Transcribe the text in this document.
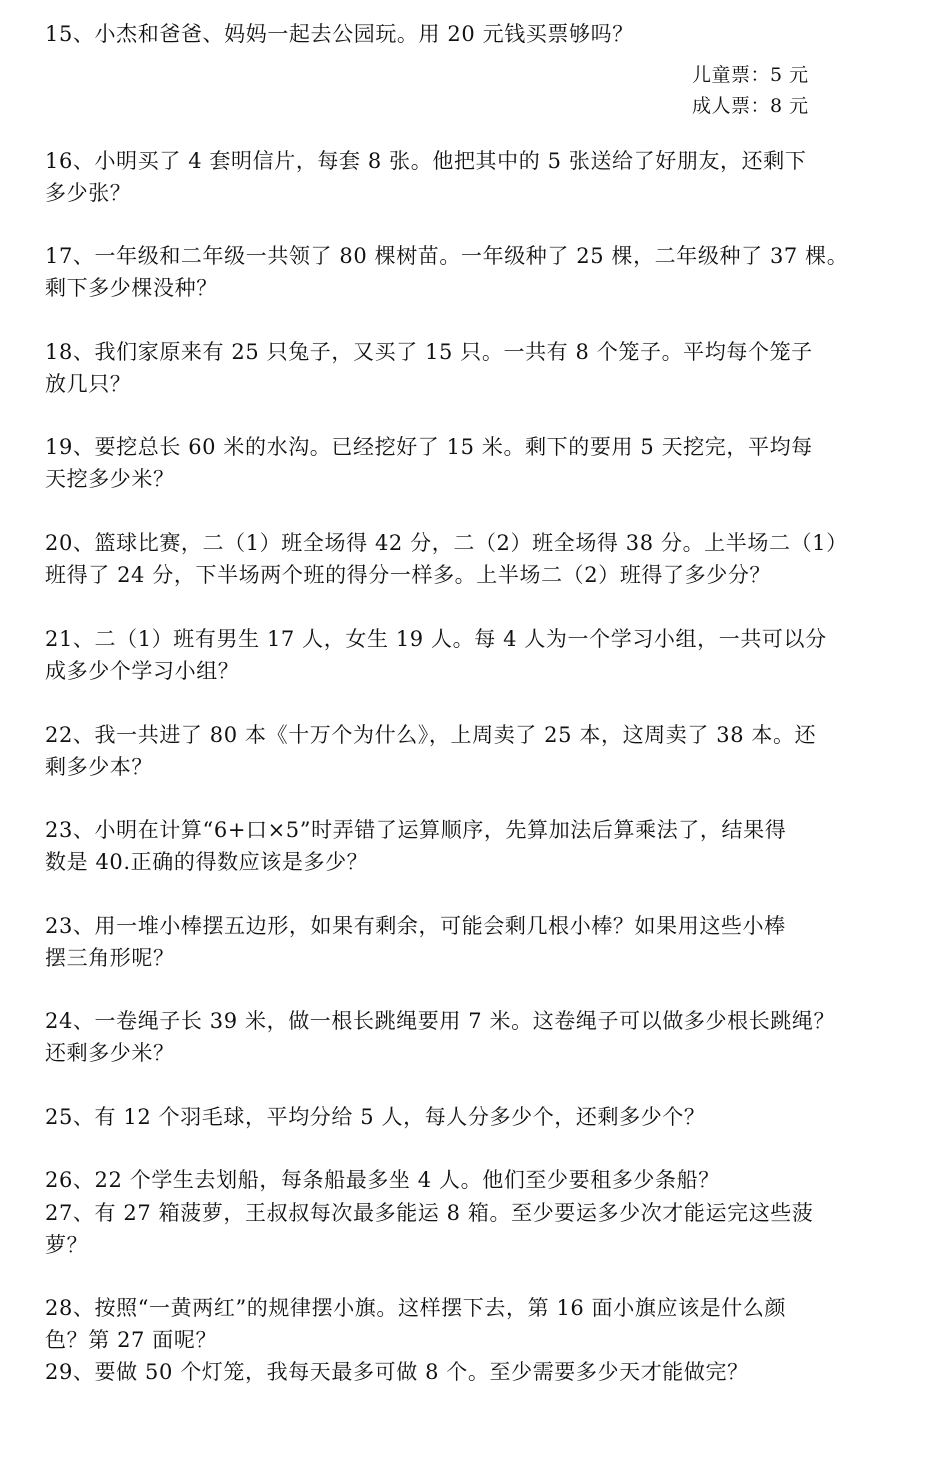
15、小杰和爸爸、妈妈一起去公园玩。用 20 元钱买票够吗？

儿童票：5 元
成人票：8 元

16、小明买了 4 套明信片，每套 8 张。他把其中的 5 张送给了好朋友，还剩下
多少张？

17、一年级和二年级一共领了 80 棵树苗。一年级种了 25 棵，二年级种了 37 棵。
剩下多少棵没种？

18、我们家原来有 25 只兔子，又买了 15 只。一共有 8 个笼子。平均每个笼子
放几只？

19、要挖总长 60 米的水沟。已经挖好了 15 米。剩下的要用 5 天挖完，平均每
天挖多少米？

20、篮球比赛，二（1）班全场得 42 分，二（2）班全场得 38 分。上半场二（1）
班得了 24 分，下半场两个班的得分一样多。上半场二（2）班得了多少分？

21、二（1）班有男生 17 人，女生 19 人。每 4 人为一个学习小组，一共可以分
成多少个学习小组？

22、我一共进了 80 本《十万个为什么》，上周卖了 25 本，这周卖了 38 本。还
剩多少本？

23、小明在计算“6+口×5”时弄错了运算顺序，先算加法后算乘法了，结果得
数是 40.正确的得数应该是多少？

23、用一堆小棒摆五边形，如果有剩余，可能会剩几根小棒？如果用这些小棒
摆三角形呢？

24、一卷绳子长 39 米，做一根长跳绳要用 7 米。这卷绳子可以做多少根长跳绳？
还剩多少米？

25、有 12 个羽毛球，平均分给 5 人，每人分多少个，还剩多少个？

26、22 个学生去划船，每条船最多坐 4 人。他们至少要租多少条船？

27、有 27 箱菠萝，王叔叔每次最多能运 8 箱。至少要运多少次才能运完这些菠
萝？

28、按照“一黄两红”的规律摆小旗。这样摆下去，第 16 面小旗应该是什么颜
色？第 27 面呢？

29、要做 50 个灯笼，我每天最多可做 8 个。至少需要多少天才能做完？
